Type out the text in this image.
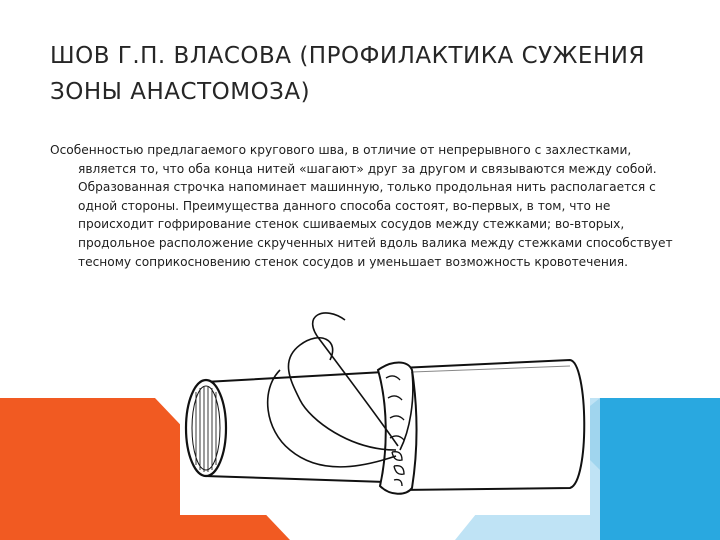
ШОВ Г.П. ВЛАСОВА (ПРОФИЛАКТИКА СУЖЕНИЯ
ЗОНЫ АНАСТОМОЗА)

Особенностью предлагаемого кругового шва, в отличие от непрерывного с захлестками, является то, что оба конца нитей «шагают» друг за другом и связываются между собой. Образованная строчка напоминает машинную, только продольная нить располагается с одной стороны. Преимущества данного способа состоят, во-первых, в том, что не происходит гофрирование стенок сшиваемых сосудов между стежками; во-вторых, продольное расположение скрученных нитей вдоль валика между стежками способствует тесному соприкосновению стенок сосудов и уменьшает возможность кровотечения.
